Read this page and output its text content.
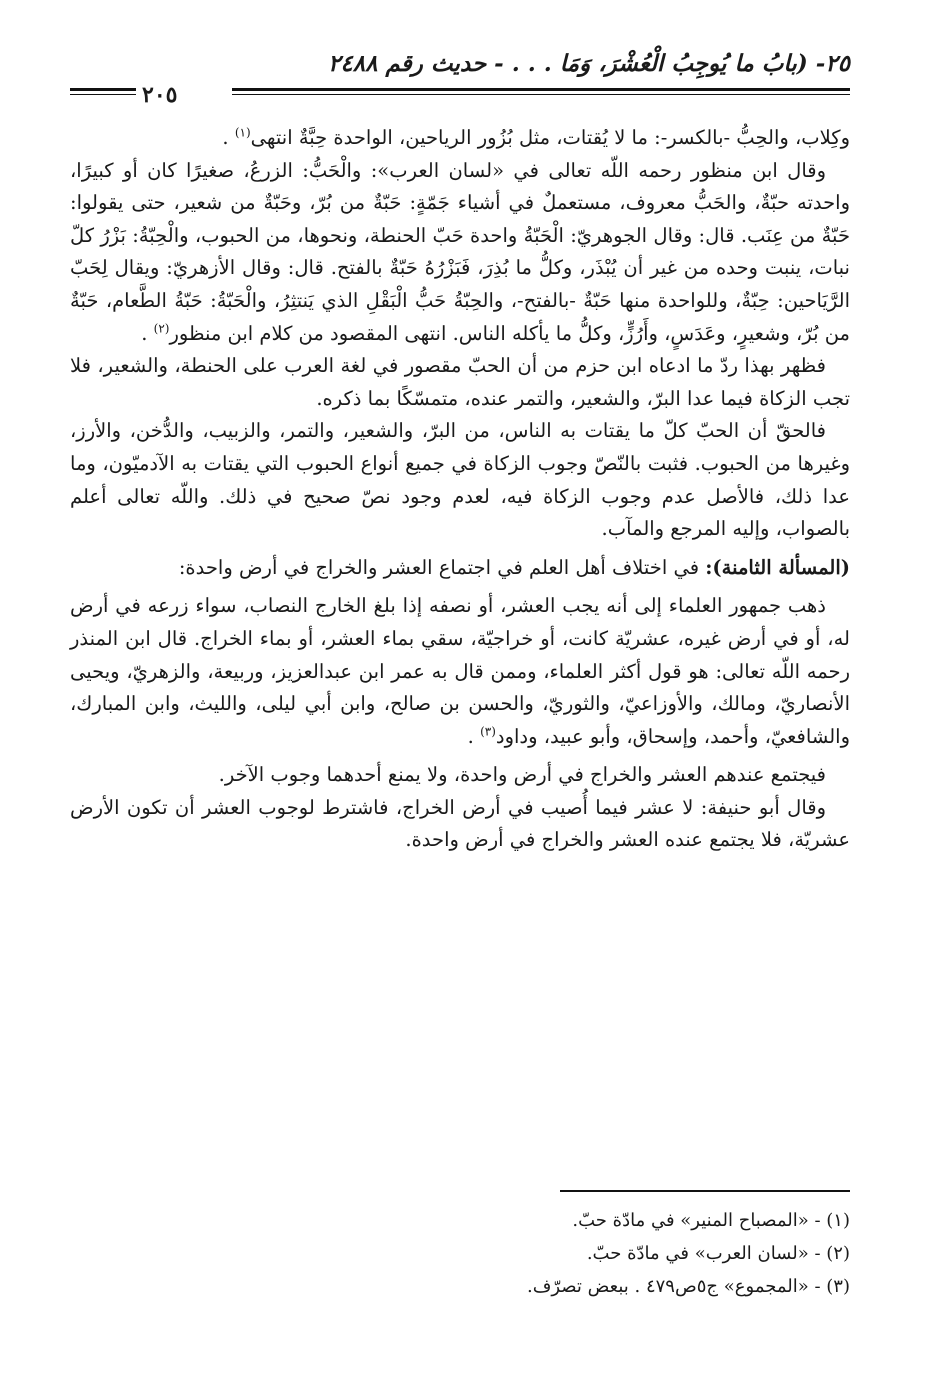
٢٥- (بابُ ما يُوجِبُ الْعُشْرَ، وَمَا . . . - حديث رقم ٢٤٨٨
٢٠٥

وكِلاب، والحِبُّ -بالكسر-: ما لا يُقتات، مثل بُزُور الرياحين، الواحدة حِبَّةٌ انتهى$^{(١)}$ .

وقال ابن منظور رحمه اللّه تعالى في «لسان العرب»: والْحَبُّ: الزرعُ، صغيرًا كان أو كبيرًا، واحدته حبّةٌ، والحَبُّ معروف، مستعملٌ في أشياء جَمّةٍ: حَبّةٌ من بُرّ، وحَبّةٌ من شعير، حتى يقولوا: حَبّةٌ من عِنَب. قال: وقال الجوهريّ: الْحَبّةُ واحدة حَبّ الحنطة، ونحوها، من الحبوب، والْحِبّةُ: بَزْرُ كلّ نبات، ينبت وحده من غير أن يُبْذَر، وكلُّ ما بُذِرَ، فَبَزْرُهُ حَبّةٌ بالفتح. قال: وقال الأزهريّ: ويقال لِحَبّ الرَّيَاحين: حِبّةٌ، وللواحدة منها حَبّةٌ -بالفتح-، والحِبّةُ حَبُّ الْبَقْلِ الذي يَنتثِرُ، والْحَبّةُ: حَبّةُ الطَّعام، حَبّةٌ من بُرّ، وشعيرٍ، وعَدَسٍ، وأَرُزٍّ، وكلُّ ما يأكله الناس. انتهى المقصود من كلام ابن منظور$^{(٢)}$ .

فظهر بهذا ردّ ما ادعاه ابن حزم من أن الحبّ مقصور في لغة العرب على الحنطة، والشعير، فلا تجب الزكاة فيما عدا البرّ، والشعير، والتمر عنده، متمسّكًا بما ذكره.

فالحقّ أن الحبّ كلّ ما يقتات به الناس، من البرّ، والشعير، والتمر، والزبيب، والدُّخن، والأرز، وغيرها من الحبوب. فثبت بالنّصّ وجوب الزكاة في جميع أنواع الحبوب التي يقتات به الآدميّون، وما عدا ذلك، فالأصل عدم وجوب الزكاة فيه، لعدم وجود نصّ صحيح في ذلك. واللّه تعالى أعلم بالصواب، وإليه المرجع والمآب.

(المسألة الثامنة): في اختلاف أهل العلم في اجتماع العشر والخراج في أرض واحدة:

ذهب جمهور العلماء إلى أنه يجب العشر، أو نصفه إذا بلغ الخارج النصاب، سواء زرعه في أرض له، أو في أرض غيره، عشريّة كانت، أو خراجيّة، سقي بماء العشر، أو بماء الخراج. قال ابن المنذر رحمه اللّه تعالى: هو قول أكثر العلماء، وممن قال به عمر ابن عبدالعزيز، وربيعة، والزهريّ، ويحيى الأنصاريّ، ومالك، والأوزاعيّ، والثوريّ، والحسن بن صالح، وابن أبي ليلى، والليث، وابن المبارك، والشافعيّ، وأحمد، وإسحاق، وأبو عبيد، وداود$^{(٣)}$ .

فيجتمع عندهم العشر والخراج في أرض واحدة، ولا يمنع أحدهما وجوب الآخر.

وقال أبو حنيفة: لا عشر فيما أُصيب في أرض الخراج، فاشترط لوجوب العشر أن تكون الأرض عشريّة، فلا يجتمع عنده العشر والخراج في أرض واحدة.

(١) - «المصباح المنير» في مادّة حبّ.
(٢) - «لسان العرب» في مادّة حبّ.
(٣) - «المجموع» ج٥ص٤٧٩ . ببعض تصرّف.
